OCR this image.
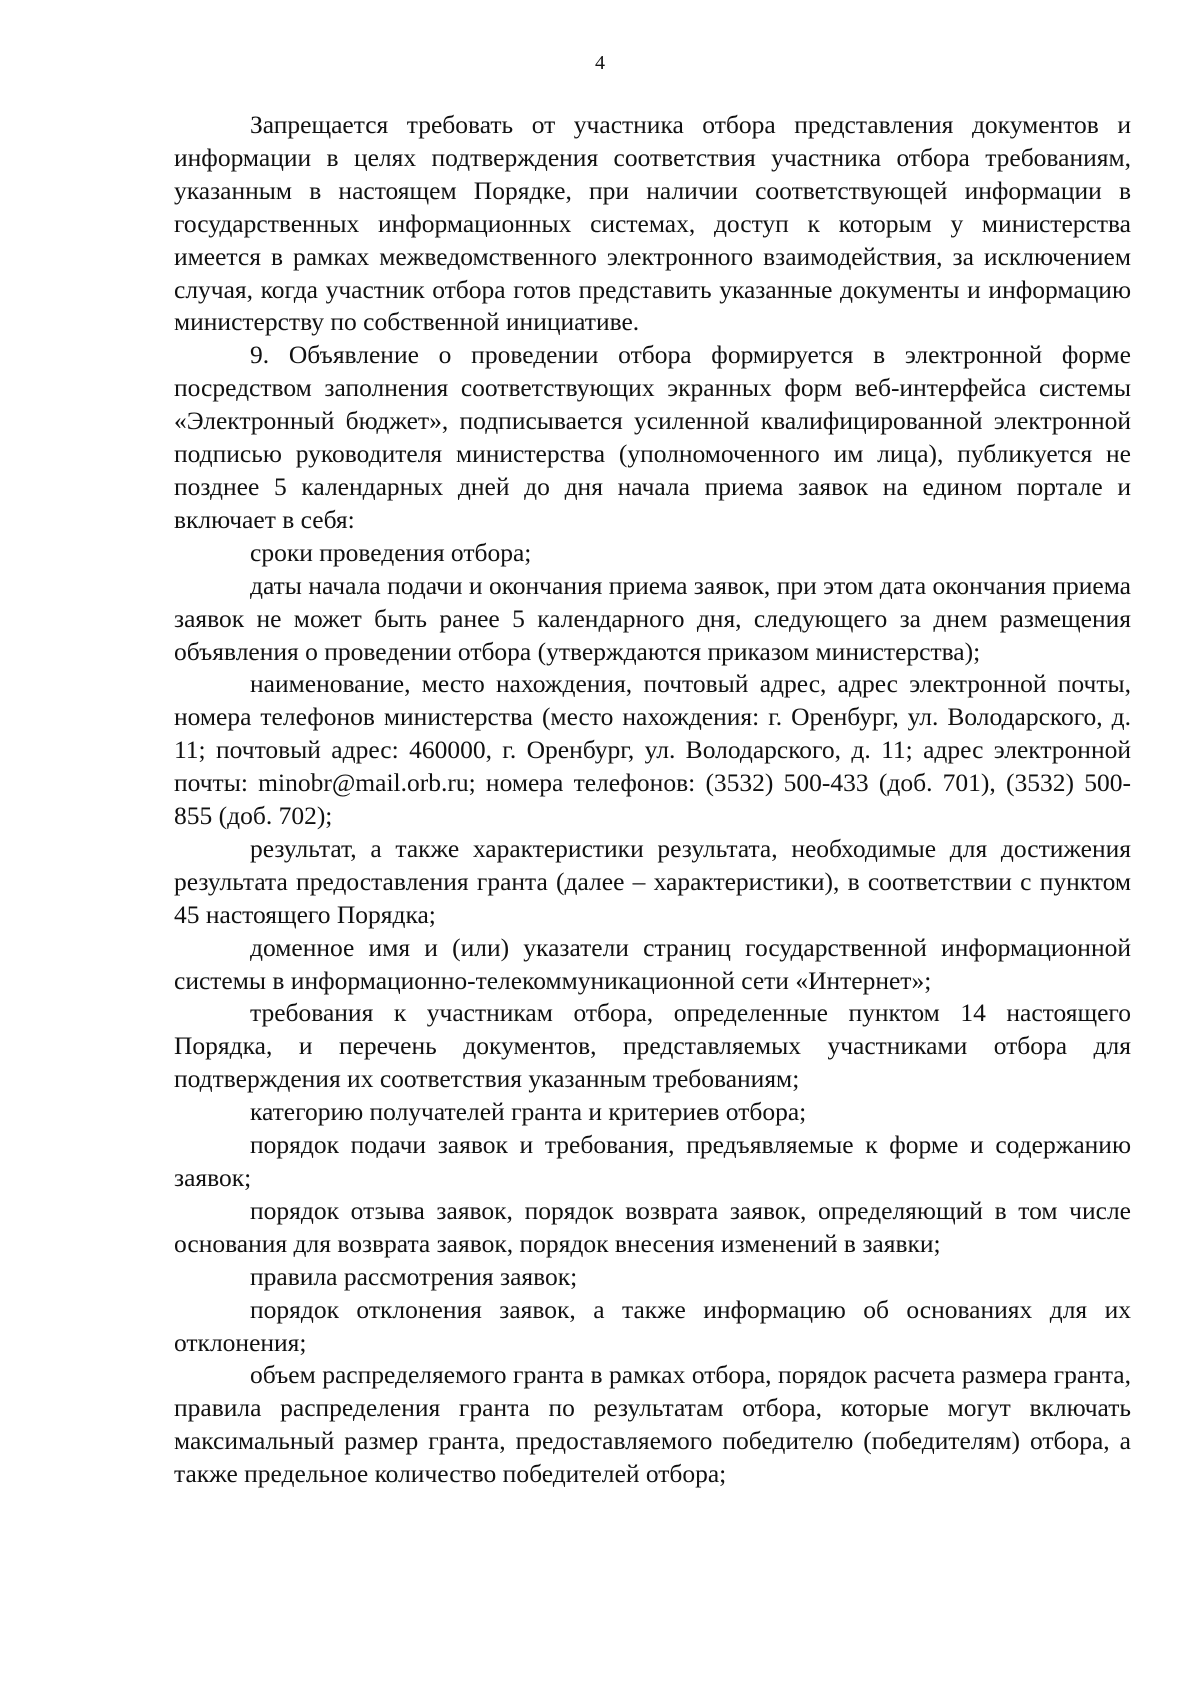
4

Запрещается требовать от участника отбора представления документов и информации в целях подтверждения соответствия участника отбора требованиям, указанным в настоящем Порядке, при наличии соответствующей информации в государственных информационных системах, доступ к которым у министерства имеется в рамках межведомственного электронного взаимодействия, за исключением случая, когда участник отбора готов представить указанные документы и информацию министерству по собственной инициативе.

9. Объявление о проведении отбора формируется в электронной форме посредством заполнения соответствующих экранных форм веб-интерфейса системы «Электронный бюджет», подписывается усиленной квалифицированной электронной подписью руководителя министерства (уполномоченного им лица), публикуется не позднее 5 календарных дней до дня начала приема заявок на едином портале и включает в себя:

сроки проведения отбора;

даты начала подачи и окончания приема заявок, при этом дата окончания приема заявок не может быть ранее 5 календарного дня, следующего за днем размещения объявления о проведении отбора (утверждаются приказом министерства);

наименование, место нахождения, почтовый адрес, адрес электронной почты, номера телефонов министерства (место нахождения: г. Оренбург, ул. Володарского, д. 11; почтовый адрес: 460000, г. Оренбург, ул. Володарского, д. 11; адрес электронной почты: minobr@mail.orb.ru; номера телефонов: (3532) 500-433 (доб. 701), (3532) 500-855 (доб. 702);

результат, а также характеристики результата, необходимые для достижения результата предоставления гранта (далее – характеристики), в соответствии с пунктом 45 настоящего Порядка;

доменное имя и (или) указатели страниц государственной информационной системы в информационно-телекоммуникационной сети «Интернет»;

требования к участникам отбора, определенные пунктом 14 настоящего Порядка, и перечень документов, представляемых участниками отбора для подтверждения их соответствия указанным требованиям;

категорию получателей гранта и критериев отбора;

порядок подачи заявок и требования, предъявляемые к форме и содержанию заявок;

порядок отзыва заявок, порядок возврата заявок, определяющий в том числе основания для возврата заявок, порядок внесения изменений в заявки;

правила рассмотрения заявок;

порядок отклонения заявок, а также информацию об основаниях для их отклонения;

объем распределяемого гранта в рамках отбора, порядок расчета размера гранта, правила распределения гранта по результатам отбора, которые могут включать максимальный размер гранта, предоставляемого победителю (победителям) отбора, а также предельное количество победителей отбора;
